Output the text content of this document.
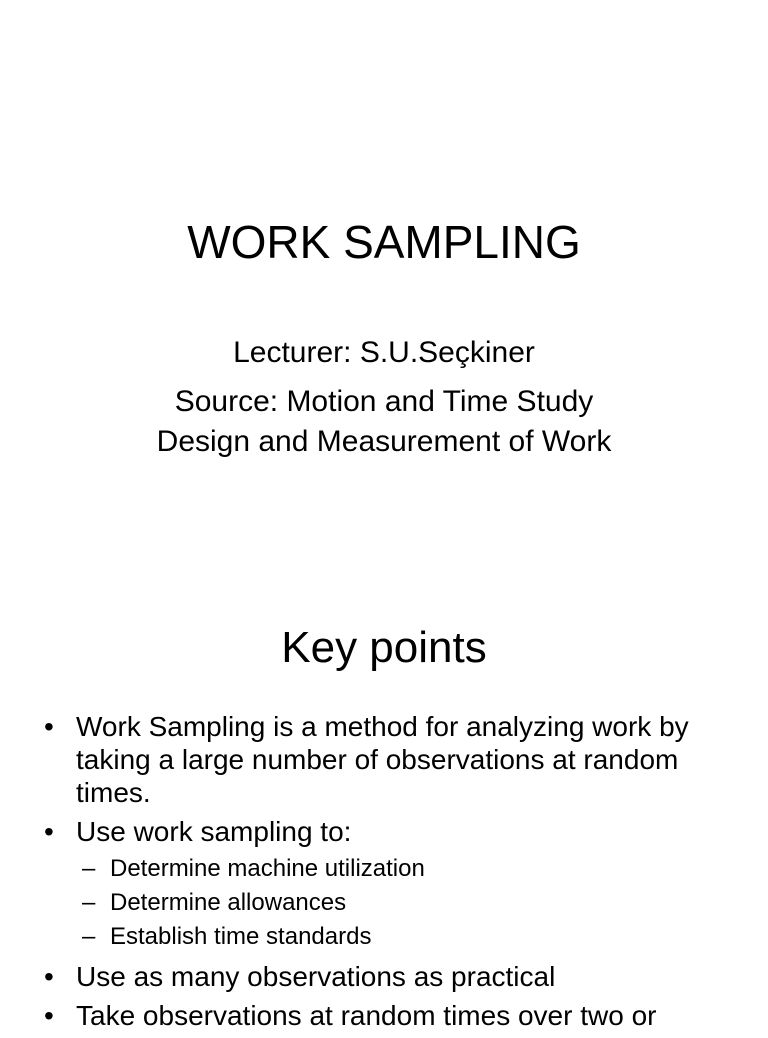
WORK SAMPLING
Lecturer: S.U.Seçkiner
Source: Motion and Time Study
Design and Measurement of Work
Key points
• Work Sampling is a method for analyzing work by taking a large number of observations at random times.
• Use work sampling to:
– Determine machine utilization
– Determine allowances
– Establish time standards
• Use as many observations as practical
• Take observations at random times over two or
